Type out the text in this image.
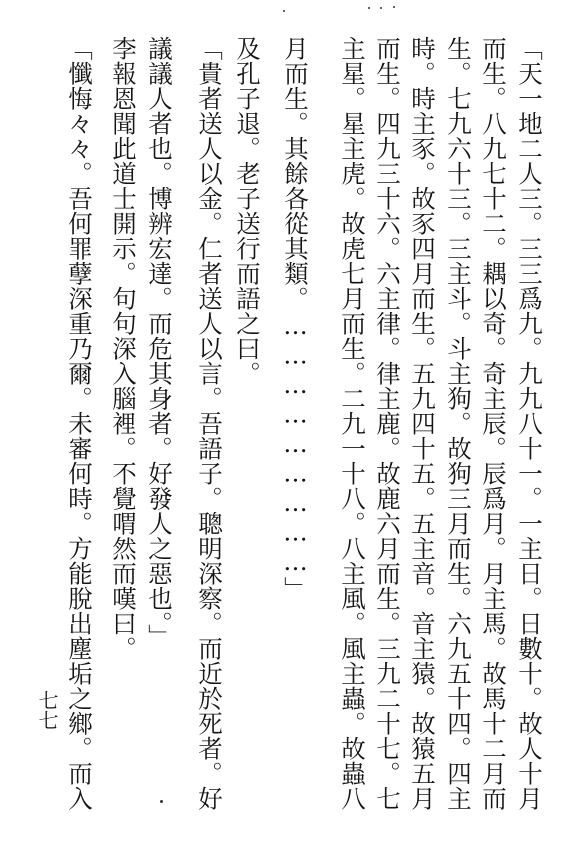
「天一地二人三。三三爲九。九九八十一。一主日。日數十。故人十月
而生。八九七十二。耦以奇。奇主辰。辰爲月。月主馬。故馬十二月而
生。七九六十三。三主斗。斗主狗。故狗三月而生。六九五十四。四主
時。時主豕。故豕四月而生。五九四十五。五主音。音主猿。故猿五月
而生。四九三十六。六主律。律主鹿。故鹿六月而生。三九二十七。七
主星。星主虎。故虎七月而生。二九一十八。八主風。風主蟲。故蟲八
月而生。其餘各從其類。………………………」
及孔子退。老子送行而語之曰。
「貴者送人以金。仁者送人以言。吾語子。聰明深察。而近於死者。好
議議人者也。博辨宏達。而危其身者。好發人之惡也。」
李報恩聞此道士開示。句句深入腦裡。不覺喟然而嘆曰。
「懺悔々々。吾何罪孽深重乃爾。未審何時。方能脫出塵垢之鄉。而入
七七
